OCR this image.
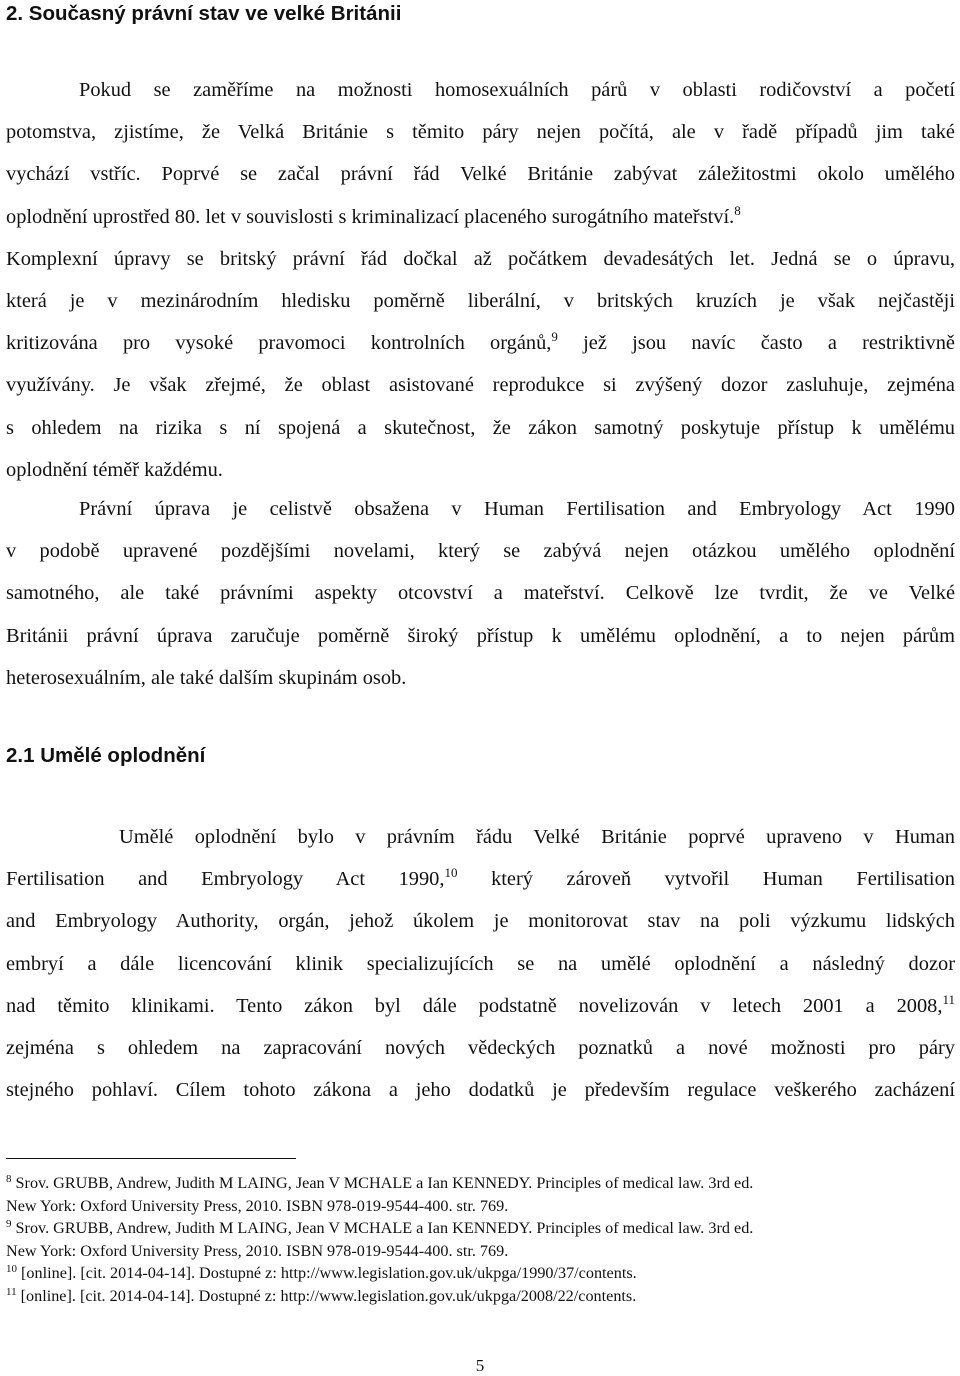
2. Současný právní stav ve velké Británii
Pokud se zaměříme na možnosti homosexuálních párů v oblasti rodičovství a početí
potomstva, zjistíme, že Velká Británie s těmito páry nejen počítá, ale v řadě případů jim také
vychází vstříc. Poprvé se začal právní řád Velké Británie zabývat záležitostmi okolo umělého
oplodnění uprostřed 80. let v souvislosti s kriminalizací placeného surogátního mateřství.$^8$
Komplexní úpravy se britský právní řád dočkal až počátkem devadesátých let. Jedná se o úpravu,
která je v mezinárodním hledisku poměrně liberální, v britských kruzích je však nejčastěji
kritizována pro vysoké pravomoci kontrolních orgánů,$^9$ jež jsou navíc často a restriktivně
využívány. Je však zřejmé, že oblast asistované reprodukce si zvýšený dozor zasluhuje, zejména
s ohledem na rizika s ní spojená a skutečnost, že zákon samotný poskytuje přístup k umělému
oplodnění téměř každému.
Právní úprava je celistvě obsažena v Human Fertilisation and Embryology Act 1990
v podobě upravené pozdějšími novelami, který se zabývá nejen otázkou umělého oplodnění
samotného, ale také právními aspekty otcovství a mateřství. Celkově lze tvrdit, že ve Velké
Británii právní úprava zaručuje poměrně široký přístup k umělému oplodnění, a to nejen párům
heterosexuálním, ale také dalším skupinám osob.
2.1 Umělé oplodnění
Umělé oplodnění bylo v právním řádu Velké Británie poprvé upraveno v Human
Fertilisation and Embryology Act 1990,10 který zároveň vytvořil Human Fertilisation
and Embryology Authority, orgán, jehož úkolem je monitorovat stav na poli výzkumu lidských
embryí a dále licencování klinik specializujících se na umělé oplodnění a následný dozor
nad těmito klinikami. Tento zákon byl dále podstatně novelizován v letech 2001 a 2008,11
zejména s ohledem na zapracování nových vědeckých poznatků a nové možnosti pro páry
stejného pohlaví. Cílem tohoto zákona a jeho dodatků je především regulace veškerého zacházení
$^8$ Srov. GRUBB, Andrew, Judith M LAING, Jean V MCHALE a Ian KENNEDY. Principles of medical law. 3rd ed.
New York: Oxford University Press, 2010. ISBN 978-019-9544-400. str. 769.
$^9$ Srov. GRUBB, Andrew, Judith M LAING, Jean V MCHALE a Ian KENNEDY. Principles of medical law. 3rd ed.
New York: Oxford University Press, 2010. ISBN 978-019-9544-400. str. 769.
$^{10}$ [online]. [cit. 2014-04-14]. Dostupné z: http://www.legislation.gov.uk/ukpga/1990/37/contents.
$^{11}$ [online]. [cit. 2014-04-14]. Dostupné z: http://www.legislation.gov.uk/ukpga/2008/22/contents.
5
